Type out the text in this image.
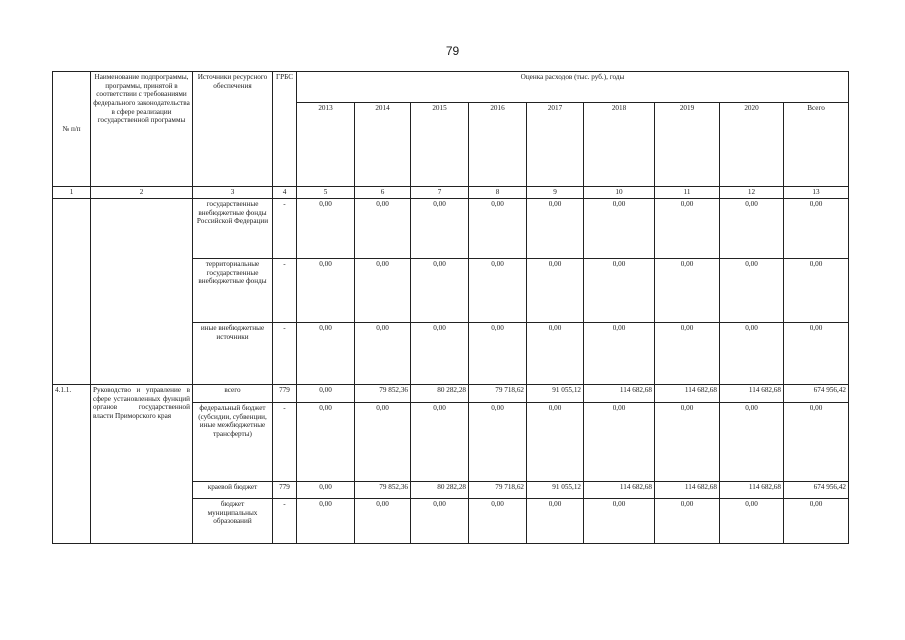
79
№ п/п	Наименование подпрограммы, программы, принятой в соответствии с требованиями федерального законодательства в сфере реализации государственной программы	Источники ресурсного обеспечения	ГРБС	Оценка расходов (тыс. руб.), годы								
				2013	2014	2015	2016	2017	2018	2019	2020	Всего
1	2	3	4	5	6	7	8	9	10	11	12	13
		государственные внебюджетные фонды Российской Федерации	-	0,00	0,00	0,00	0,00	0,00	0,00	0,00	0,00	0,00
		территориальные государственные внебюджетные фонды	-	0,00	0,00	0,00	0,00	0,00	0,00	0,00	0,00	0,00
		иные внебюджетные источники	-	0,00	0,00	0,00	0,00	0,00	0,00	0,00	0,00	0,00
4.1.1.	Руководство и управление в сфере установленных функций органов государственной власти Приморского края	всего	779	0,00	79 852,36	80 282,28	79 718,62	91 055,12	114 682,68	114 682,68	114 682,68	674 956,42
		федеральный бюджет (субсидии, субвенции, иные межбюджетные трансферты)	-	0,00	0,00	0,00	0,00	0,00	0,00	0,00	0,00	0,00
		краевой бюджет	779	0,00	79 852,36	80 282,28	79 718,62	91 055,12	114 682,68	114 682,68	114 682,68	674 956,42
		бюджет муниципальных образований	-	0,00	0,00	0,00	0,00	0,00	0,00	0,00	0,00	0,00
